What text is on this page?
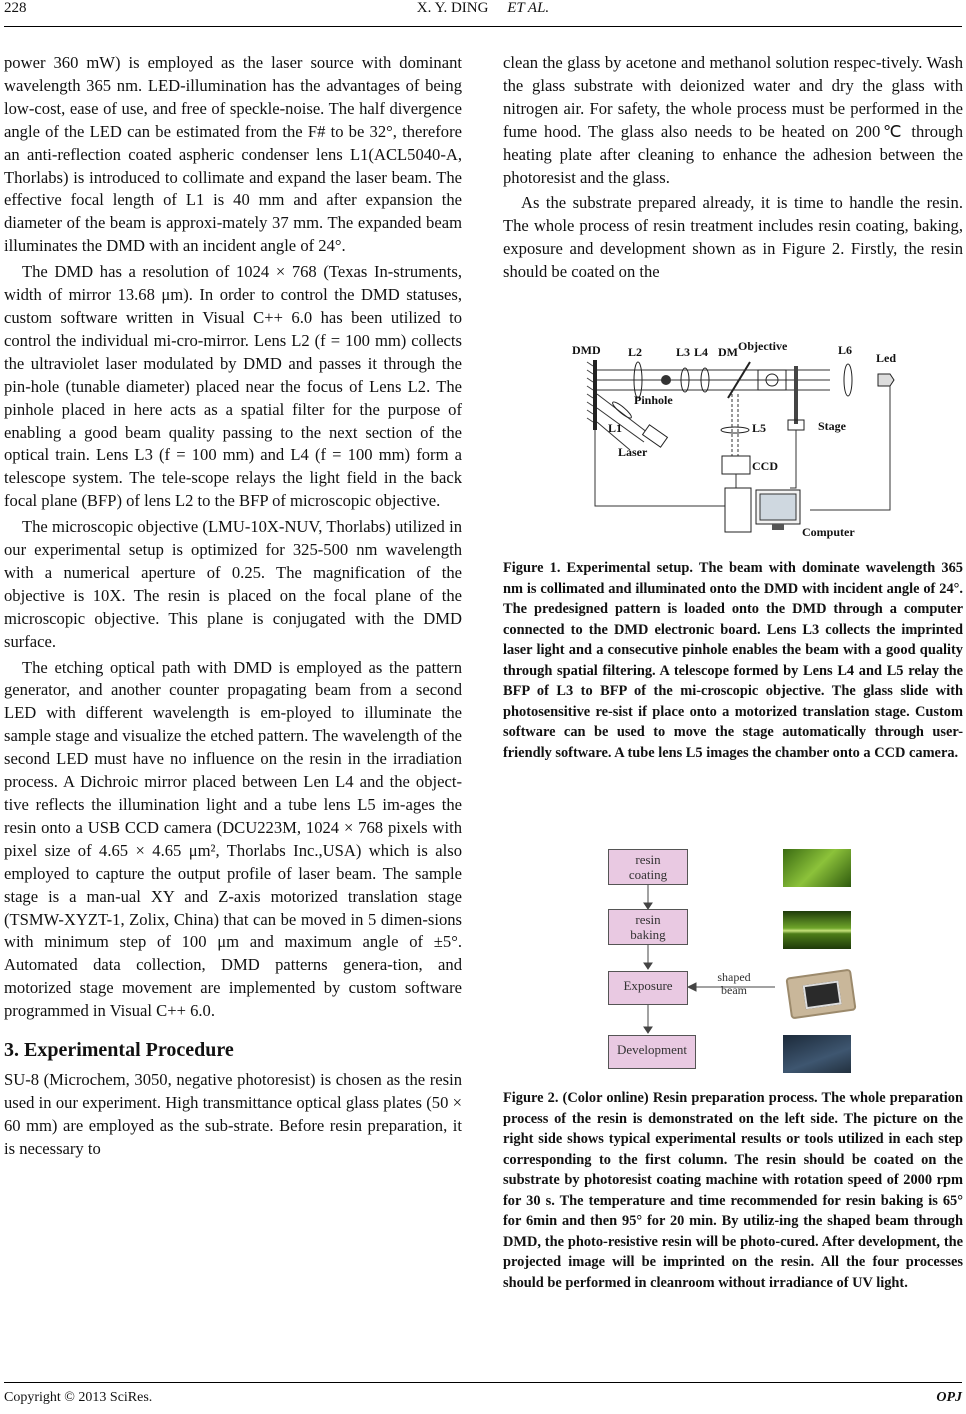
228	X. Y. DING ET AL.

power 360 mW) is employed as the laser source with dominant wavelength 365 nm. LED-illumination has the advantages of being low-cost, ease of use, and free of speckle-noise. The half divergence angle of the LED can be estimated from the F# to be 32°, therefore an anti-reflection coated aspheric condenser lens L1(ACL5040-A, Thorlabs) is introduced to collimate and expand the laser beam. The effective focal length of L1 is 40 mm and after expansion the diameter of the beam is approxi-mately 37 mm. The expanded beam illuminates the DMD with an incident angle of 24°.

The DMD has a resolution of 1024 × 768 (Texas In-struments, width of mirror 13.68 μm). In order to control the DMD statuses, custom software written in Visual C++ 6.0 has been utilized to control the individual mi-cro-mirror. Lens L2 (f = 100 mm) collects the ultraviolet laser modulated by DMD and passes it through the pin-hole (tunable diameter) placed near the focus of Lens L2. The pinhole placed in here acts as a spatial filter for the purpose of enabling a good beam quality passing to the next section of the optical train. Lens L3 (f = 100 mm) and L4 (f = 100 mm) form a telescope system. The tele-scope relays the light field in the back focal plane (BFP) of lens L2 to the BFP of microscopic objective.

The microscopic objective (LMU-10X-NUV, Thorlabs) utilized in our experimental setup is optimized for 325-500 nm wavelength with a numerical aperture of 0.25. The magnification of the objective is 10X. The resin is placed on the focal plane of the microscopic objective. This plane is conjugated with the DMD surface.

The etching optical path with DMD is employed as the pattern generator, and another counter propagating beam from a second LED with different wavelength is em-ployed to illuminate the sample stage and visualize the etched pattern. The wavelength of the second LED must have no influence on the resin in the irradiation process. A Dichroic mirror placed between Len L4 and the object-tive reflects the illumination light and a tube lens L5 im-ages the resin onto a USB CCD camera (DCU223M, 1024 × 768 pixels with pixel size of 4.65 × 4.65 μm², Thorlabs Inc.,USA) which is also employed to capture the output profile of laser beam. The sample stage is a man-ual XY and Z-axis motorized translation stage (TSMW-XYZT-1, Zolix, China) that can be moved in 5 dimen-sions with minimum step of 100 μm and maximum angle of ±5°. Automated data collection, DMD patterns genera-tion, and motorized stage movement are implemented by custom software programmed in Visual C++ 6.0.

3. Experimental Procedure

SU-8 (Microchem, 3050, negative photoresist) is chosen as the resin used in our experiment. High transmittance optical glass plates (50 × 60 mm) are employed as the sub-strate. Before resin preparation, it is necessary to

clean the glass by acetone and methanol solution respec-tively. Wash the glass substrate with deionized water and dry the glass with nitrogen air. For safety, the whole process must be performed in the fume hood. The glass also needs to be heated on 200℃ through heating plate after cleaning to enhance the adhesion between the photoresist and the glass.

As the substrate prepared already, it is time to handle the resin. The whole process of resin treatment includes resin coating, baking, exposure and development shown as in Figure 2. Firstly, the resin should be coated on the

DMD L2	L3 L4 DM Objective	L6
Led
Pinhole
L1	L5	Stage
Laser
CCD
Computer
Figure 1. Experimental setup. The beam with dominate wavelength 365 nm is collimated and illuminated onto the DMD with incident angle of 24°. The predesigned pattern is loaded onto the DMD through a computer connected to the DMD electronic board. Lens L3 collects the imprinted laser light and a consecutive pinhole enables the beam with a good quality through spatial filtering. A telescope formed by Lens L4 and L5 relay the BFP of L3 to BFP of the mi-croscopic objective. The glass slide with photosensitive re-sist if place onto a motorized translation stage. Custom software can be used to move the stage automatically through user- friendly software. A tube lens L5 images the chamber onto a CCD camera.
resin
coating
resin
baking
Exposure
Development
shaped
beam
Figure 2. (Color online) Resin preparation process. The whole preparation process of the resin is demonstrated on the left side. The picture on the right side shows typical experimental results or tools utilized in each step corresponding to the first column. The resin should be coated on the substrate by photoresist coating machine with rotation speed of 2000 rpm for 30 s. The temperature and time recommended for resin baking is 65° for 6min and then 95° for 20 min. By utiliz-ing the shaped beam through DMD, the photo-resistive resin will be photo-cured. After development, the projected image will be imprinted on the resin. All the four processes should be performed in cleanroom without irradiance of UV light.
Copyright © 2013 SciRes.	OPJ
